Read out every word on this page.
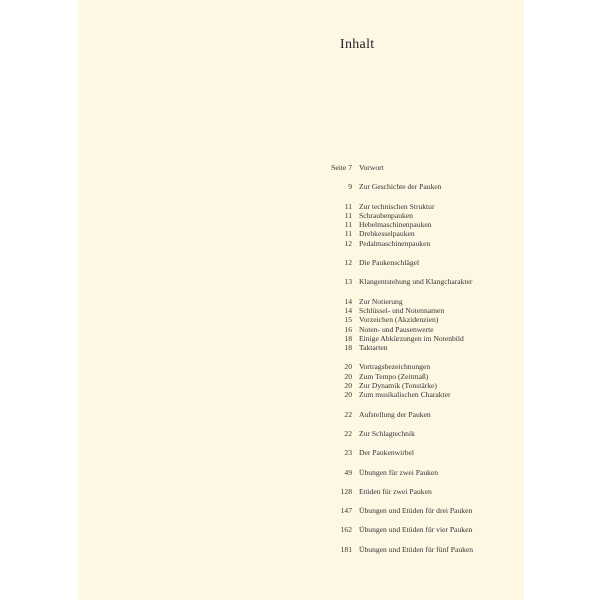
Inhalt
Seite 7 Vorwort
9 Zur Geschichte der Pauken
11 Zur technischen Struktur
11 Schraubenpauken
11 Hebelmaschinenpauken
11 Drehkesselpauken
12 Pedalmaschinenpauken
12 Die Paukenschlägel
13 Klangentstehung und Klangcharakter
14 Zur Notierung
14 Schlüssel- und Notennamen
15 Vorzeichen (Akzidenzien)
16 Noten- und Pausenwerte
18 Einige Abkürzungen im Notenbild
18 Taktarten
20 Vortragsbezeichnungen
20 Zum Tempo (Zeitmaß)
20 Zur Dynamik (Tonstärke)
20 Zum musikalischen Charakter
22 Aufstellung der Pauken
22 Zur Schlagtechnik
23 Der Paukenwirbel
49 Übungen für zwei Pauken
128 Etüden für zwei Pauken
147 Übungen und Etüden für drei Pauken
162 Übungen und Etüden für vier Pauken
181 Übungen und Etüden für fünf Pauken
